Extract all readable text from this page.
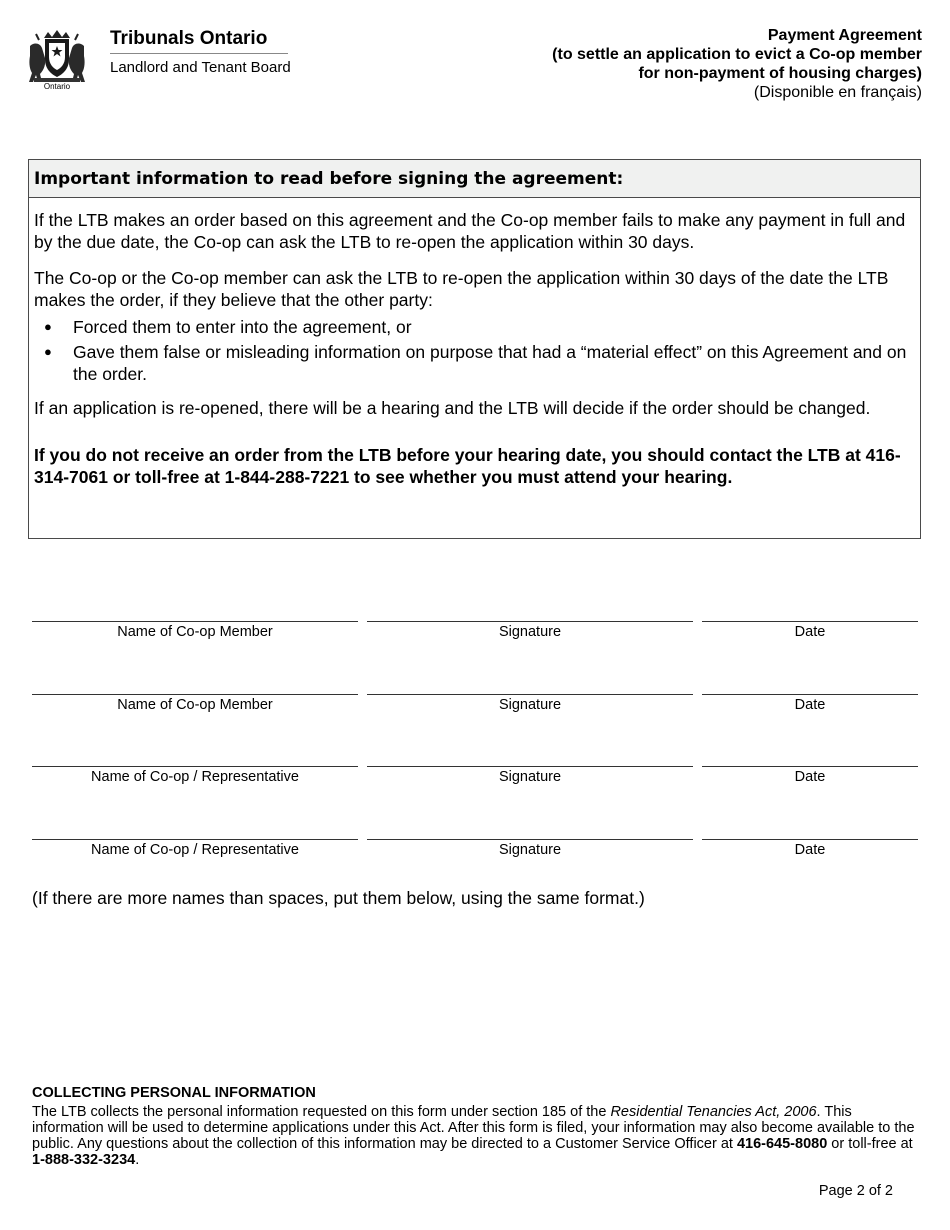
Ontario
Tribunals Ontario
Landlord and Tenant Board
Payment Agreement
(to settle an application to evict a Co-op member
for non-payment of housing charges)
(Disponible en français)
Important information to read before signing the agreement:

If the LTB makes an order based on this agreement and the Co-op member fails to make any payment in full and by the due date, the Co-op can ask the LTB to re-open the application within 30 days.

The Co-op or the Co-op member can ask the LTB to re-open the application within 30 days of the date the LTB makes the order, if they believe that the other party:

● Forced them to enter into the agreement, or
● Gave them false or misleading information on purpose that had a “material effect” on this Agreement and on the order.

If an application is re-opened, there will be a hearing and the LTB will decide if the order should be changed.

If you do not receive an order from the LTB before your hearing date, you should contact the LTB at 416-314-7061 or toll-free at 1-844-288-7221 to see whether you must attend your hearing.

Name of Co-op Member	Signature	Date
Name of Co-op Member	Signature	Date
Name of Co-op / Representative	Signature	Date
Name of Co-op / Representative	Signature	Date
(If there are more names than spaces, put them below, using the same format.)
COLLECTING PERSONAL INFORMATION
The LTB collects the personal information requested on this form under section 185 of the Residential Tenancies Act, 2006. This information will be used to determine applications under this Act. After this form is filed, your information may also become available to the public. Any questions about the collection of this information may be directed to a Customer Service Officer at 416-645-8080 or toll-free at 1-888-332-3234.
Page 2 of 2
